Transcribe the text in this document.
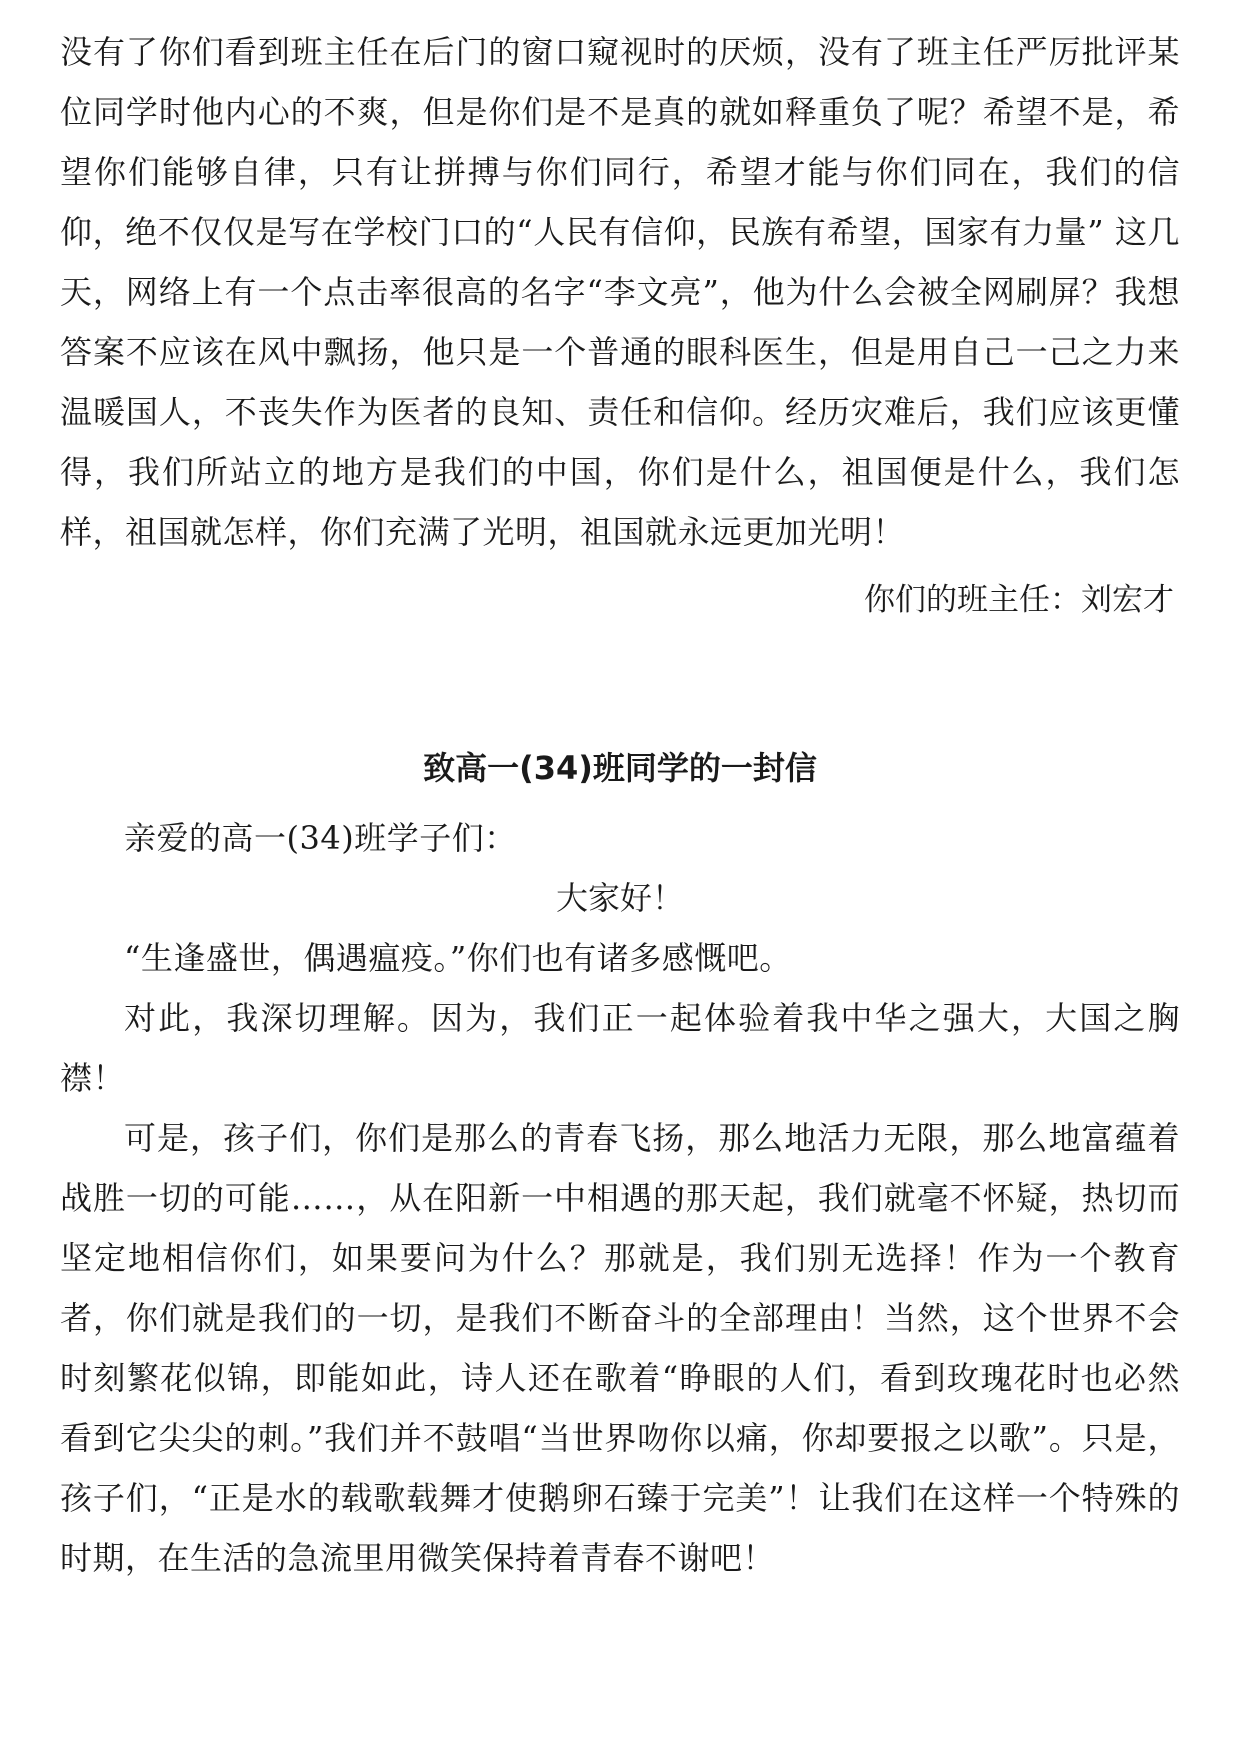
没有了你们看到班主任在后门的窗口窥视时的厌烦，没有了班主任严厉批评某位同学时他内心的不爽，但是你们是不是真的就如释重负了呢？希望不是，希望你们能够自律，只有让拼搏与你们同行，希望才能与你们同在，我们的信仰，绝不仅仅是写在学校门口的“人民有信仰，民族有希望，国家有力量” 这几天，网络上有一个点击率很高的名字“李文亮”，他为什么会被全网刷屏？我想答案不应该在风中飘扬，他只是一个普通的眼科医生，但是用自己一己之力来温暖国人，不丧失作为医者的良知、责任和信仰。经历灾难后，我们应该更懂得，我们所站立的地方是我们的中国，你们是什么，祖国便是什么，我们怎样，祖国就怎样，你们充满了光明，祖国就永远更加光明！

你们的班主任：刘宏才
致高一(34)班同学的一封信

亲爱的高一(34)班学子们：

大家好！

“生逢盛世，偶遇瘟疫。”你们也有诸多感慨吧。

对此，我深切理解。因为，我们正一起体验着我中华之强大，大国之胸襟！

可是，孩子们，你们是那么的青春飞扬，那么地活力无限，那么地富蕴着战胜一切的可能……，从在阳新一中相遇的那天起，我们就毫不怀疑，热切而坚定地相信你们，如果要问为什么？那就是，我们别无选择！作为一个教育者，你们就是我们的一切，是我们不断奋斗的全部理由！当然，这个世界不会时刻繁花似锦，即能如此，诗人还在歌着“睁眼的人们，看到玫瑰花时也必然看到它尖尖的刺。”我们并不鼓唱“当世界吻你以痛，你却要报之以歌”。只是，孩子们，“正是水的载歌载舞才使鹅卵石臻于完美”！让我们在这样一个特殊的时期，在生活的急流里用微笑保持着青春不谢吧！
